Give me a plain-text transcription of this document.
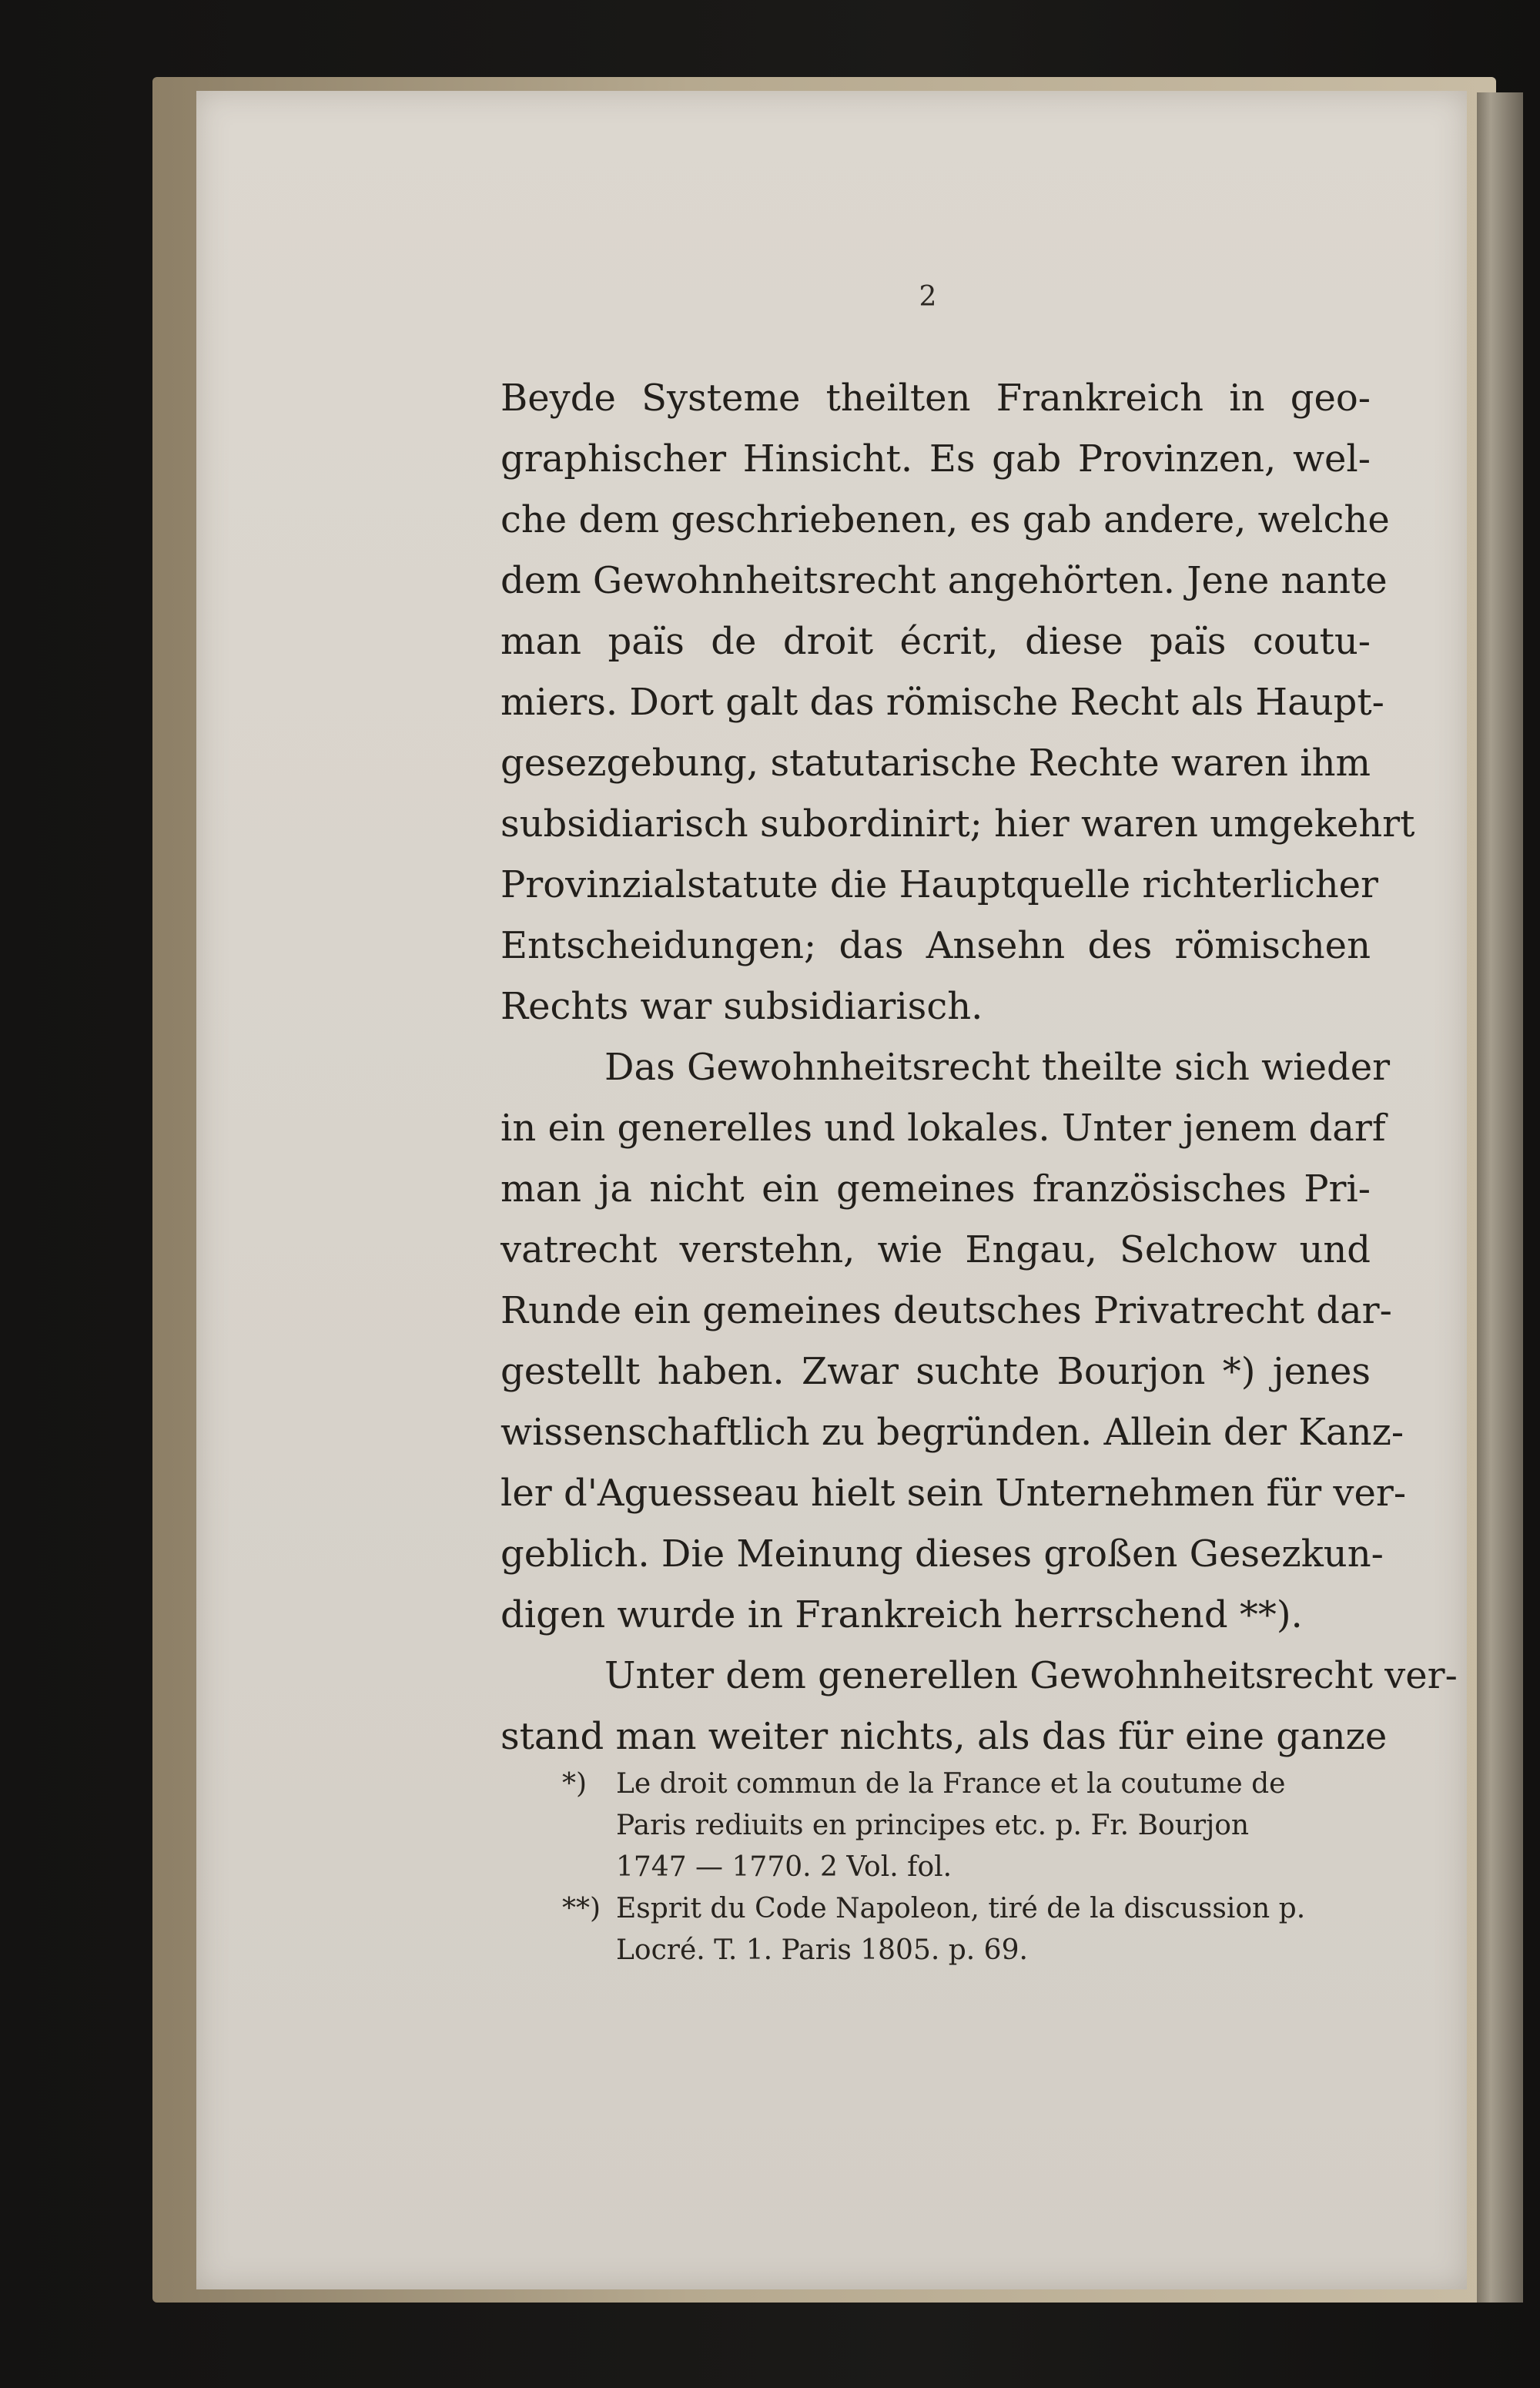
2
Beyde Systeme theilten Frankreich in geo-
graphischer Hinsicht. Es gab Provinzen, wel-
che dem geschriebenen, es gab andere, welche
dem Gewohnheitsrecht angehörten. Jene nante
man païs de droit écrit, diese païs coutu-
miers. Dort galt das römische Recht als Haupt-
gesezgebung, statutarische Rechte waren ihm
subsidiarisch subordinirt; hier waren umgekehrt
Provinzialstatute die Hauptquelle richterlicher
Entscheidungen; das Ansehn des römischen
Rechts war subsidiarisch.
Das Gewohnheitsrecht theilte sich wieder
in ein generelles und lokales. Unter jenem darf
man ja nicht ein gemeines französisches Pri-
vatrecht verstehn, wie Engau, Selchow und
Runde ein gemeines deutsches Privatrecht dar-
gestellt haben. Zwar suchte Bourjon *) jenes
wissenschaftlich zu begründen. Allein der Kanz-
ler d'Aguesseau hielt sein Unternehmen für ver-
geblich. Die Meinung dieses großen Gesezkun-
digen wurde in Frankreich herrschend **).
Unter dem generellen Gewohnheitsrecht ver-
stand man weiter nichts, als das für eine ganze
*) Le droit commun de la France et la coutume de
Paris rediuits en principes etc. p. Fr. Bourjon
1747 — 1770. 2 Vol. fol.
**) Esprit du Code Napoleon, tiré de la discussion p.
Locré. T. 1. Paris 1805. p. 69.
